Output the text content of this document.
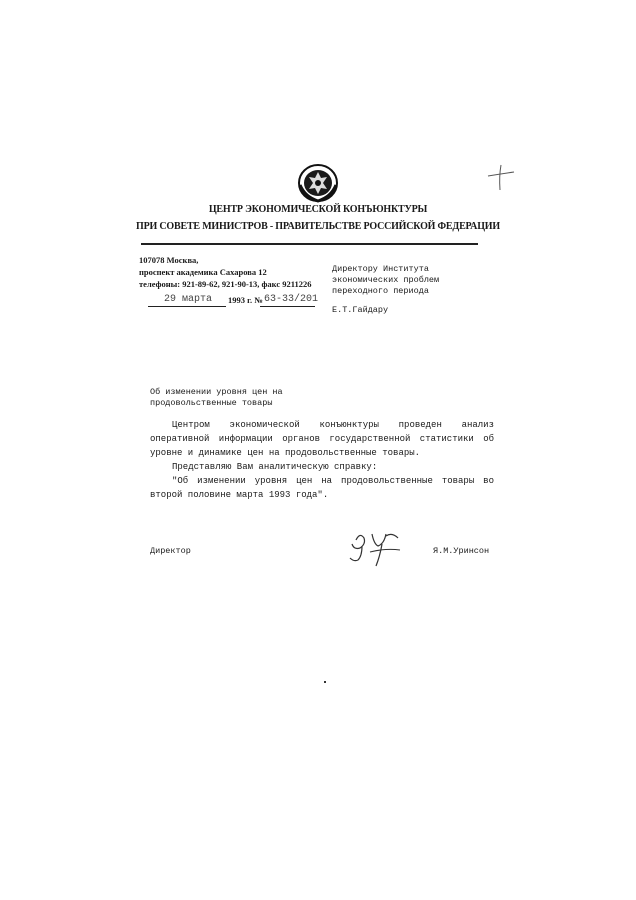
ЦЕНТР ЭКОНОМИЧЕСКОЙ КОНЪЮНКТУРЫ
ПРИ СОВЕТЕ МИНИСТРОВ - ПРАВИТЕЛЬСТВЕ РОССИЙСКОЙ ФЕДЕРАЦИИ
107078 Москва,
проспект академика Сахарова 12
телефоны: 921-89-62, 921-90-13, факс 9211226
29 марта 1993 г. № 63-33/201
Директору Института
экономических проблем
переходного периода
Е.Т.Гайдару
Об изменении уровня цен на
продовольственные товары
Центром экономической конъюнктуры проведен анализ
оперативной информации органов государственной статистики об
уровне и динамике цен на продовольственные товары.
Представляю Вам аналитическую справку:
"Об изменении уровня цен на продовольственные товары во
второй половине марта 1993 года".
Директор	Я.М.Уринсон
